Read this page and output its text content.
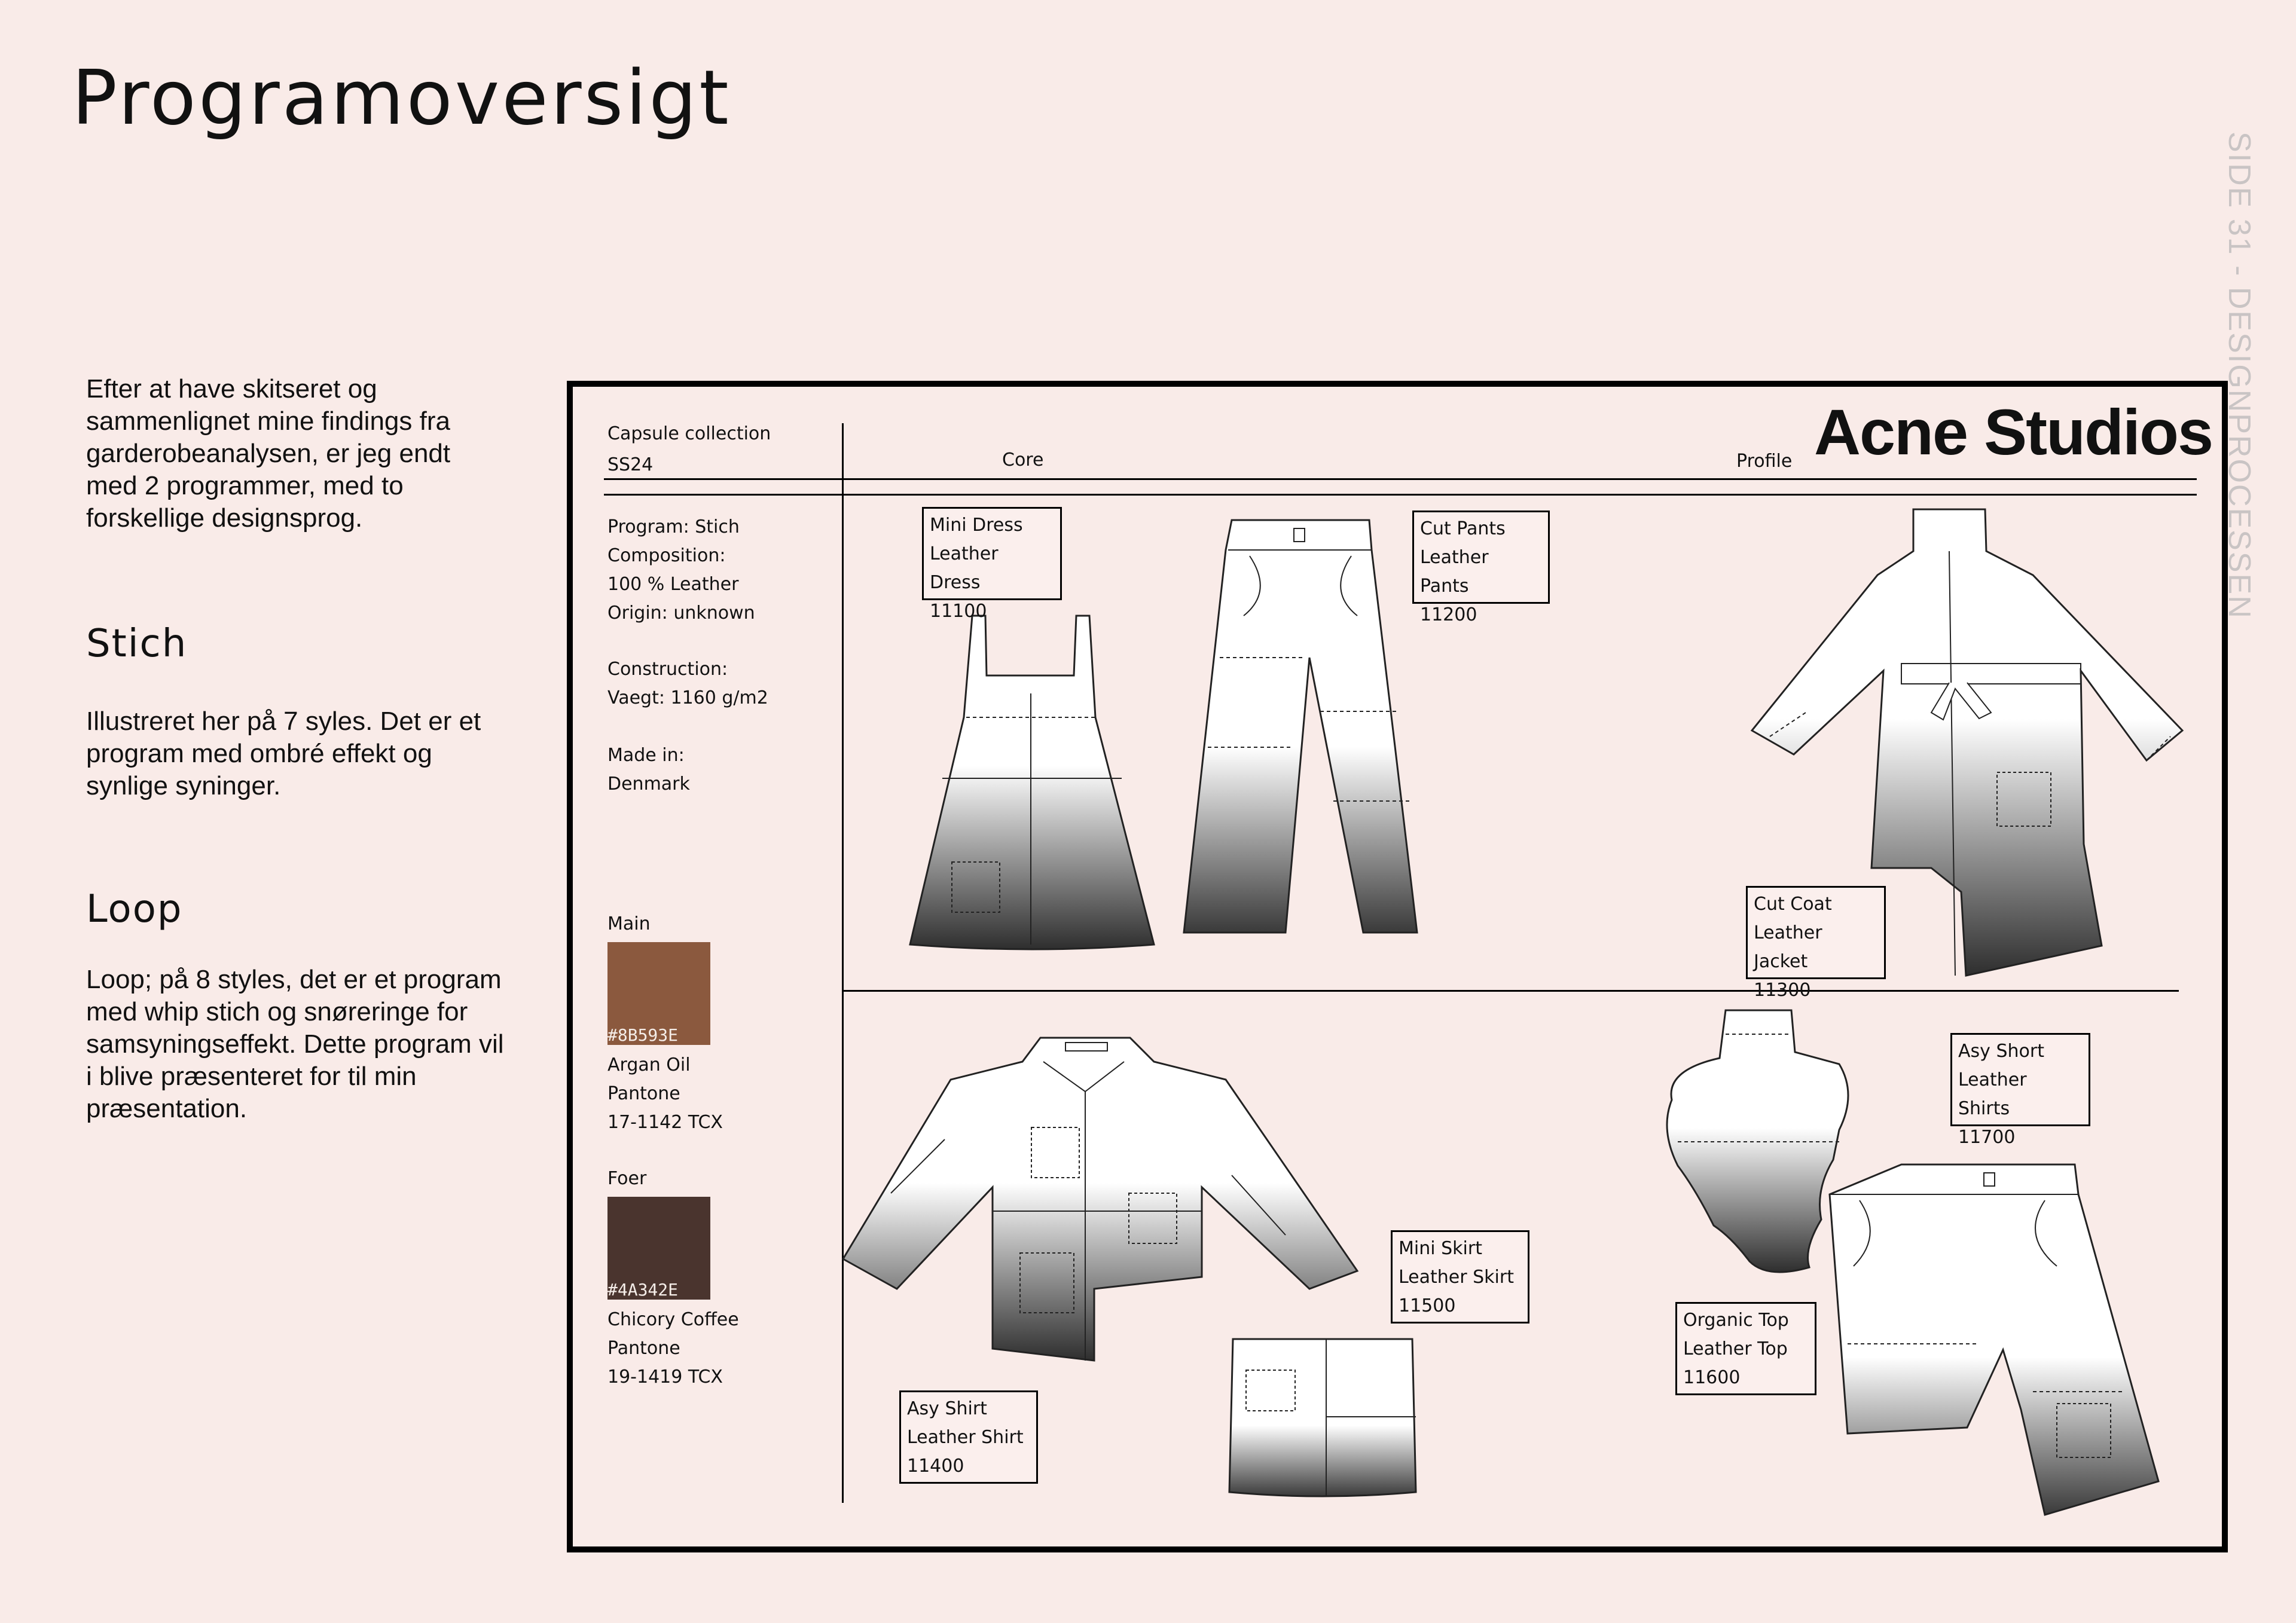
Programoversigt
SIDE 31 - DESIGNPROCESSEN
Efter at have skitseret og sammenlignet mine findings fra garderobeanalysen, er jeg endt med 2 programmer, med to forskellige designsprog.
Stich
Illustreret her på 7 syles. Det er et program med ombré effekt og synlige syninger.
Loop
Loop; på 8 styles, det er et program med whip stich og snøreringe for samsyningseffekt. Dette program vil i blive præsenteret for til min præsentation.
Capsule collection
SS24	Core	Profile Acne Studios
Program: Stich
Composition:
100 % Leather
Origin: unknown
Construction:
Vaegt: 1160 g/m2
Made in:
Denmark
Main
#8B593E
Argan Oil
Pantone
17-1142 TCX
Foer
#4A342E
Chicory Coffee
Pantone
19-1419 TCX
Mini Dress
Leather Dress
11100
Cut Pants
Leather Pants
11200
Cut Coat
Leather Jacket
11300
Asy Shirt
Leather Shirt
11400
Mini Skirt
Leather Skirt
11500
Organic Top
Leather Top
11600
Asy Short
Leather Shirts
11700
